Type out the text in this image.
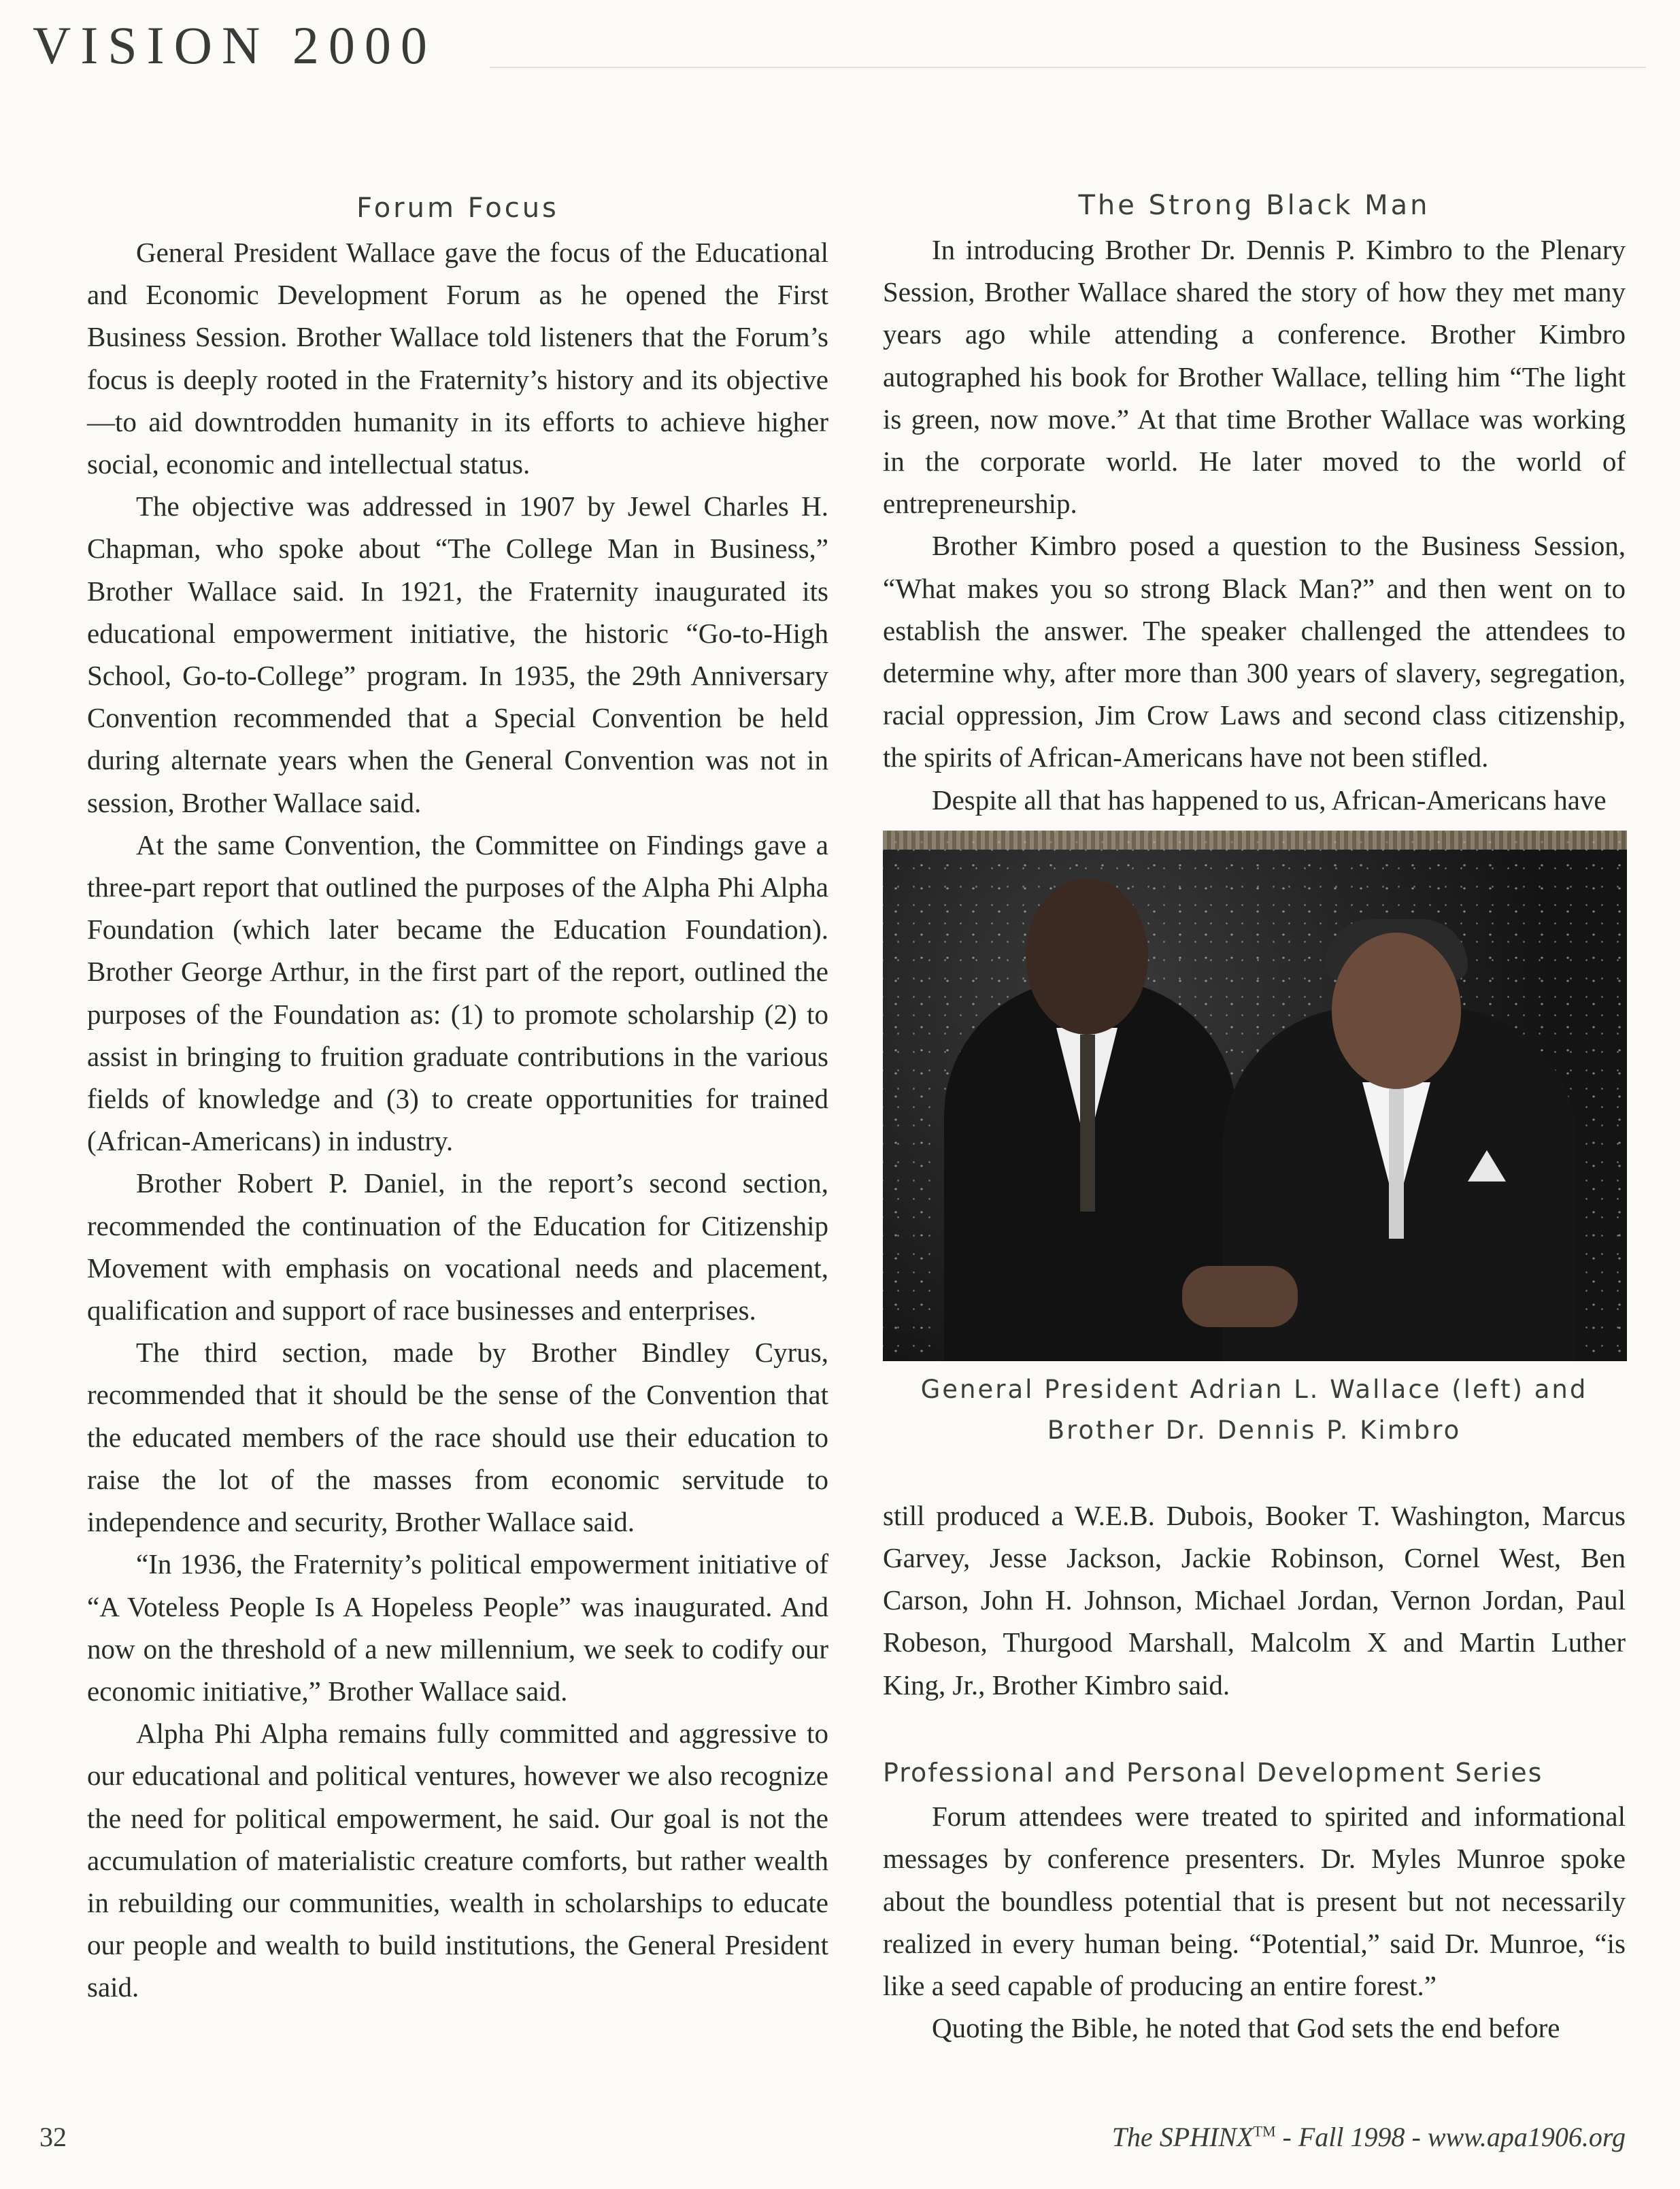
VISION 2000
Forum Focus

General President Wallace gave the focus of the Educational and Economic Development Forum as he opened the First Business Session. Brother Wallace told listeners that the Forum’s focus is deeply rooted in the Fraternity’s history and its objective—to aid downtrodden humanity in its efforts to achieve higher social, economic and intellectual status.

The objective was addressed in 1907 by Jewel Charles H. Chapman, who spoke about “The College Man in Business,” Brother Wallace said. In 1921, the Fraternity inaugurated its educational empowerment initiative, the historic “Go-to-High School, Go-to-College” program. In 1935, the 29th Anniversary Convention recommended that a Special Convention be held during alternate years when the General Convention was not in session, Brother Wallace said.

At the same Convention, the Committee on Findings gave a three-part report that outlined the purposes of the Alpha Phi Alpha Foundation (which later became the Education Foundation). Brother George Arthur, in the first part of the report, outlined the purposes of the Foundation as: (1) to promote scholarship (2) to assist in bringing to fruition graduate contributions in the various fields of knowledge and (3) to create opportunities for trained (African-Americans) in industry.

Brother Robert P. Daniel, in the report’s second section, recommended the continuation of the Education for Citizenship Movement with emphasis on vocational needs and placement, qualification and support of race businesses and enterprises.

The third section, made by Brother Bindley Cyrus, recommended that it should be the sense of the Convention that the educated members of the race should use their education to raise the lot of the masses from economic servitude to independence and security, Brother Wallace said.

“In 1936, the Fraternity’s political empowerment initiative of “A Voteless People Is A Hopeless People” was inaugurated. And now on the threshold of a new millennium, we seek to codify our economic initiative,” Brother Wallace said.

Alpha Phi Alpha remains fully committed and aggressive to our educational and political ventures, however we also recognize the need for political empowerment, he said. Our goal is not the accumulation of materialistic creature comforts, but rather wealth in rebuilding our communities, wealth in scholarships to educate our people and wealth to build institutions, the General President said.

The Strong Black Man

In introducing Brother Dr. Dennis P. Kimbro to the Plenary Session, Brother Wallace shared the story of how they met many years ago while attending a conference. Brother Kimbro autographed his book for Brother Wallace, telling him “The light is green, now move.” At that time Brother Wallace was working in the corporate world. He later moved to the world of entrepreneurship.

Brother Kimbro posed a question to the Business Session, “What makes you so strong Black Man?” and then went on to establish the answer. The speaker challenged the attendees to determine why, after more than 300 years of slavery, segregation, racial oppression, Jim Crow Laws and second class citizenship, the spirits of African-Americans have not been stifled.

Despite all that has happened to us, African-Americans have

General President Adrian L. Wallace (left) and
Brother Dr. Dennis P. Kimbro

still produced a W.E.B. Dubois, Booker T. Washington, Marcus Garvey, Jesse Jackson, Jackie Robinson, Cornel West, Ben Carson, John H. Johnson, Michael Jordan, Vernon Jordan, Paul Robeson, Thurgood Marshall, Malcolm X and Martin Luther King, Jr., Brother Kimbro said.

Professional and Personal Development Series

Forum attendees were treated to spirited and informational messages by conference presenters. Dr. Myles Munroe spoke about the boundless potential that is present but not necessarily realized in every human being. “Potential,” said Dr. Munroe, “is like a seed capable of producing an entire forest.”

Quoting the Bible, he noted that God sets the end before

32	The SPHINX™ - Fall 1998 - www.apa1906.org
